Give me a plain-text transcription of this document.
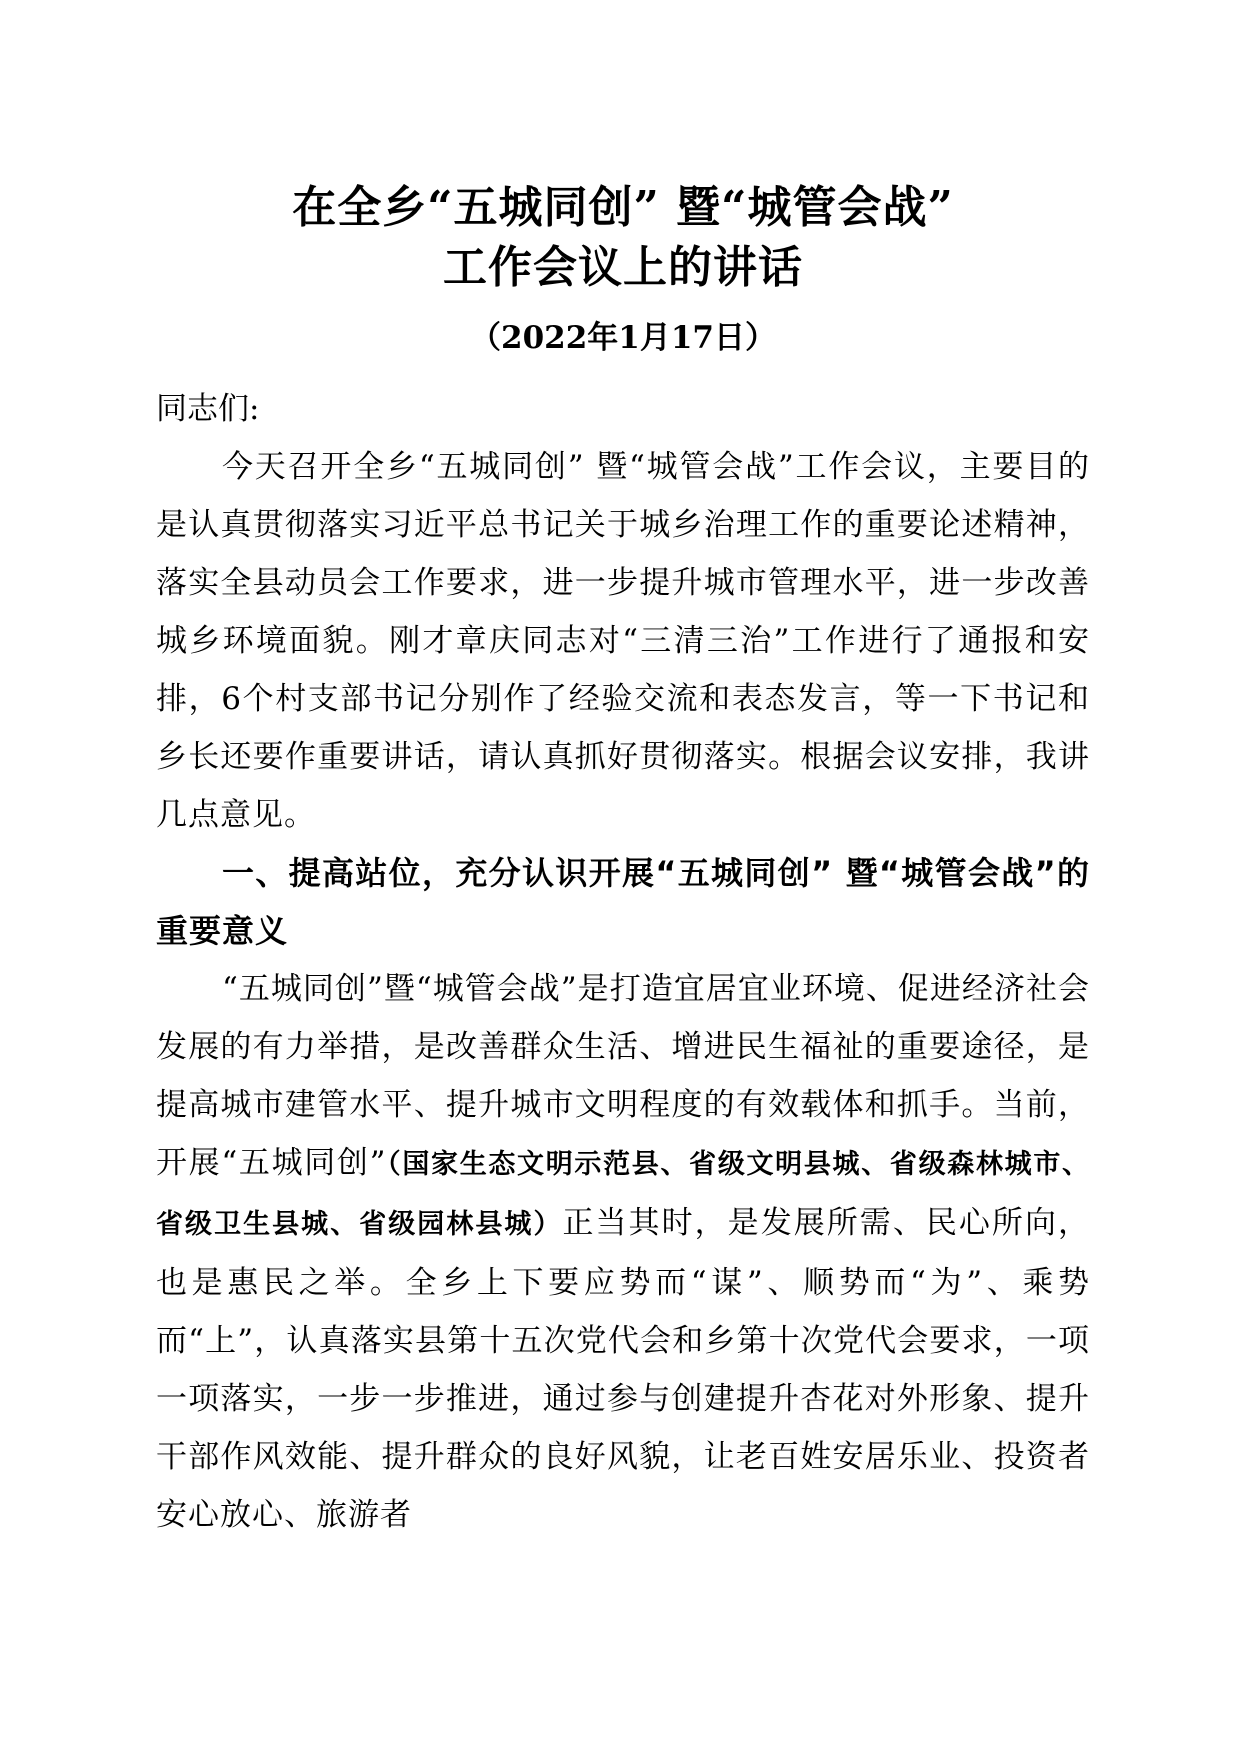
在全乡“五城同创” 暨“城管会战”
工作会议上的讲话
（2022年1月17日）

同志们:

今天召开全乡“五城同创” 暨“城管会战”工作会议，主要目的是认真贯彻落实习近平总书记关于城乡治理工作的重要论述精神，落实全县动员会工作要求，进一步提升城市管理水平，进一步改善城乡环境面貌。刚才章庆同志对“三清三治”工作进行了通报和安排，6个村支部书记分别作了经验交流和表态发言，等一下书记和乡长还要作重要讲话，请认真抓好贯彻落实。根据会议安排，我讲几点意见。

一、提高站位，充分认识开展“五城同创” 暨“城管会战”的重要意义

“五城同创”暨“城管会战”是打造宜居宜业环境、促进经济社会发展的有力举措，是改善群众生活、增进民生福祉的重要途径，是提高城市建管水平、提升城市文明程度的有效载体和抓手。当前，开展“五城同创”（国家生态文明示范县、省级文明县城、省级森林城市、省级卫生县城、省级园林县城）正当其时，是发展所需、民心所向，也是惠民之举。全乡上下要应势而“谋”、顺势而“为”、乘势而“上”，认真落实县第十五次党代会和乡第十次党代会要求，一项一项落实，一步一步推进，通过参与创建提升杏花对外形象、提升干部作风效能、提升群众的良好风貌，让老百姓安居乐业、投资者安心放心、旅游者
